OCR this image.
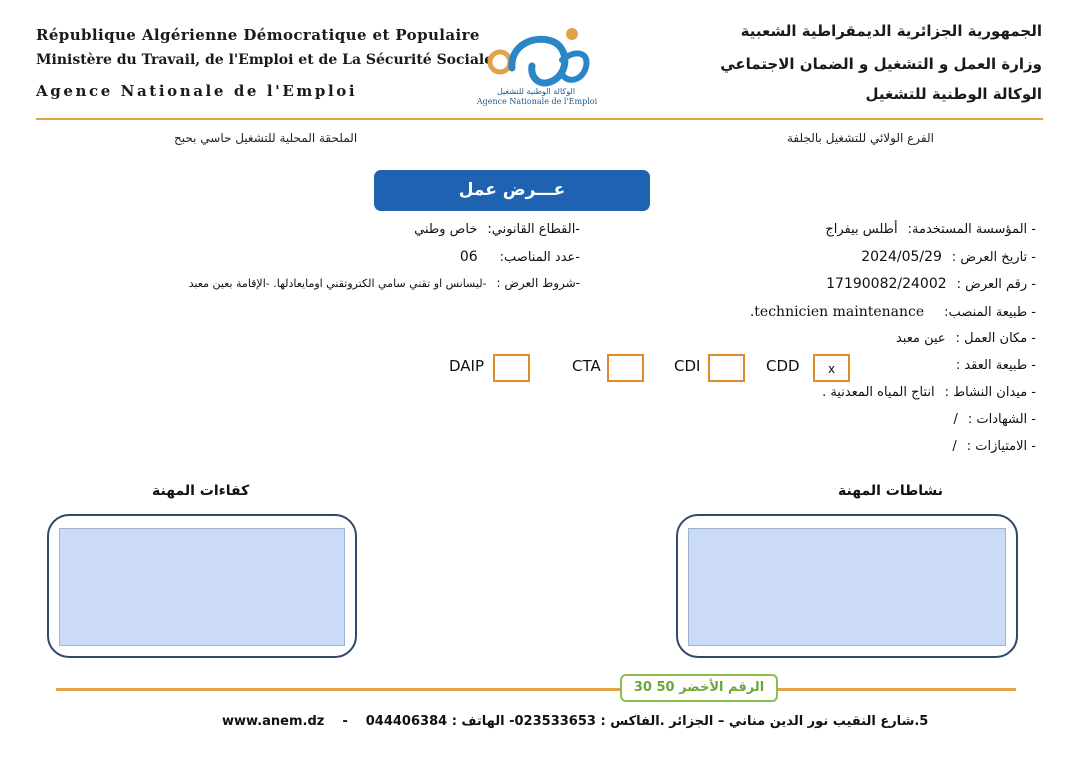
République Algérienne Démocratique et Populaire
Ministère du Travail, de l'Emploi et de La Sécurité Sociale
Agence Nationale de l'Emploi	الوكالة الوطنية للتشغيل
Agence Nationale de l'Emploi
الجمهورية الجزائرية الديمقراطية الشعبية
وزارة العمل و التشغيل و الضمان الاجتماعي
الوكالة الوطنية للتشغيل
الفرع الولائي للتشغيل بالجلفة
الملحقة المحلية للتشغيل حاسي بحبح
عـــرض عمل
- المؤسسة المستخدمة:أطلس بيفراج
- تاريخ العرض :2024/05/29
- رقم العرض :17190082/24002
- طبيعة المنصب:technicien maintenance.
- مكان العمل :عين معبد
- طبيعة العقد :
- ميدان النشاط :انتاج المياه المعدنية .
- الشهادات :/
- الامتيازات :/
-القطاع القانوني:خاص وطني
-عدد المناصب:06
-شروط العرض :-ليسانس او تقني سامي الكتروتقني اومايعادلها. -الإقامة بعين معبد
CDD	x
CDI
CTA
DAIP
نشاطات المهنة
كفاءات المهنة
الرقم الأخضر 50 30
www.anem.dz - 5.شارع النقيب نور الدين مناني – الجزائر .الفاكس : 023533653- الهاتف : 044406384
